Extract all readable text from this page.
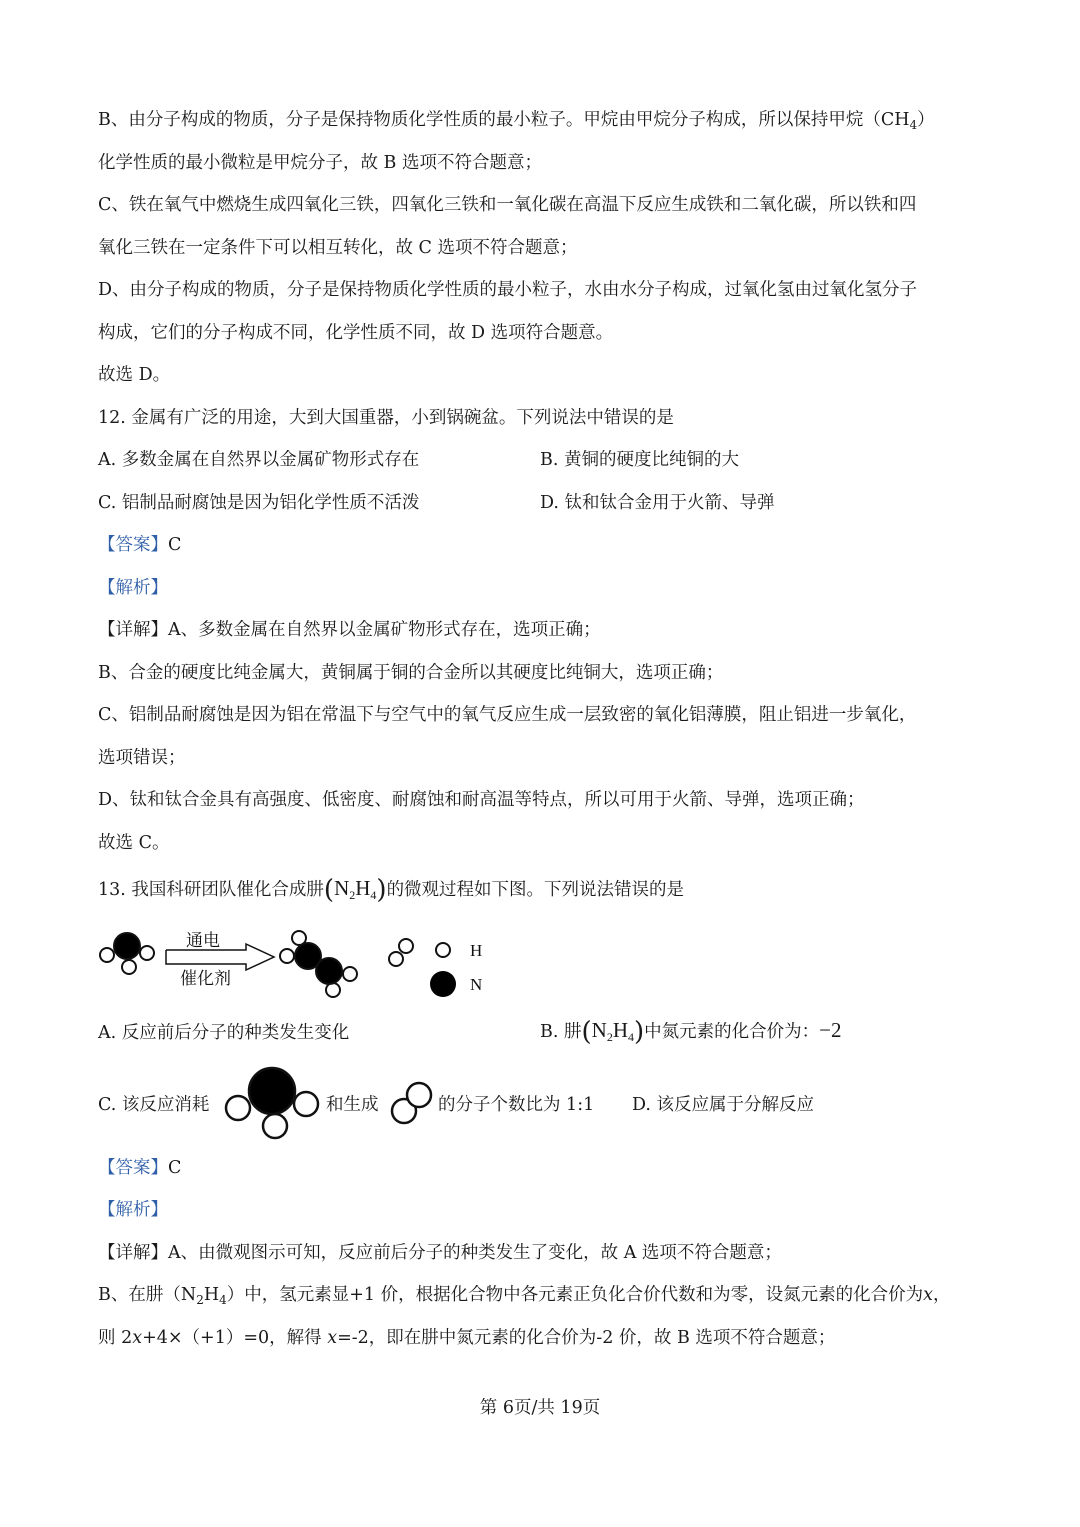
B、由分子构成的物质，分子是保持物质化学性质的最小粒子。甲烷由甲烷分子构成，所以保持甲烷$(CH_4)$
化学性质的最小微粒是甲烷分子，故 B 选项不符合题意；
C、铁在氧气中燃烧生成四氧化三铁，四氧化三铁和一氧化碳在高温下反应生成铁和二氧化碳，所以铁和四
氧化三铁在一定条件下可以相互转化，故 C 选项不符合题意；
D、由分子构成的物质，分子是保持物质化学性质的最小粒子，水由水分子构成，过氧化氢由过氧化氢分子
构成，它们的分子构成不同，化学性质不同，故 D 选项符合题意。
故选 D。
12. 金属有广泛的用途，大到大国重器，小到锅碗盆。下列说法中错误的是
A. 多数金属在自然界以金属矿物形式存在	B. 黄铜的硬度比纯铜的大
C. 铝制品耐腐蚀是因为铝化学性质不活泼	D. 钛和钛合金用于火箭、导弹
【答案】C
【解析】
【详解】A、多数金属在自然界以金属矿物形式存在，选项正确；
B、合金的硬度比纯金属大，黄铜属于铜的合金所以其硬度比纯铜大，选项正确；
C、铝制品耐腐蚀是因为铝在常温下与空气中的氧气反应生成一层致密的氧化铝薄膜，阻止铝进一步氧化，
选项错误；
D、钛和钛合金具有高强度、低密度、耐腐蚀和耐高温等特点，所以可用于火箭、导弹，选项正确；
故选 C。
13. 我国科研团队催化合成肼$(N_2H_4)$的微观过程如下图。下列说法错误的是
通电
催化剂
H
N
A. 反应前后分子的种类发生变化	B. 肼$(N_2H_4)$中氮元素的化合价为：−2
C. 该反应消耗	和生成	的分子个数比为 1:1 D. 该反应属于分解反应
【答案】C
【解析】
【详解】A、由微观图示可知，反应前后分子的种类发生了变化，故 A 选项不符合题意；
B、在肼$(N_2H_4)$中，氢元素显+1 价，根据化合物中各元素正负化合价代数和为零，设氮元素的化合价为x，
则 2x+4×（+1）=0，解得 x=-2，即在肼中氮元素的化合价为-2 价，故 B 选项不符合题意；
第 6页/共 19页
